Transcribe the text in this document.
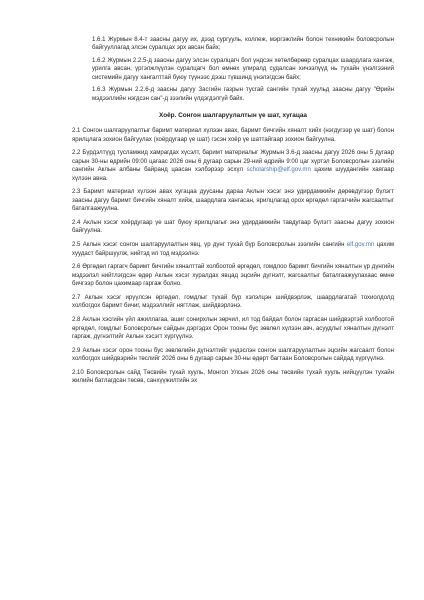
1.6.1 Журмын 8.4-т заасны дагуу их, дээд сургууль, коллеж, мэргэжлийн болон техникийн боловсролын байгууллагад элсэн суралцах эрх авсан байх;

1.6.2 Журмын 2.2.5-д заасны дагуу элсэн суралцагч бол үндсэн хөтөлбөрөөр суралцах шаардлага хангаж, урилга авсан, үргэлжлүүлэн суралцагч бол өмнөх улиралд судалсан хичээлүүд нь тухайн үнэлгээний системийн дагуу хангалттай буюу түүнээс дээш түвшинд үнэлэгдсэн байх;

1.6.3 Журмын 2.2.6-д заасны дагуу Засгийн газрын тусгай сангийн тухай хуульд заасны дагуу "Өрийн мэдээллийн нэгдсэн сан"-д зээлийн үлдэгдэлгүй байх.

Хоёр. Сонгон шалгаруулалтын үе шат, хугацаа

2.1 Сонгон шалгаруулалтыг баримт материал хүлээн авах, баримт бичгийн хяналт хийх (нэгдүгээр үе шат) болон ярилцлага зохион байгуулах (хоёрдугаар үе шат) гэсэн хоёр үе шаттайгаар зохион байгуулна.

2.2 Бүрдэлтүүд тусламжид хамрагдах хүсэлт, баримт материалыг Журмын 3.6-д заасны дагуу 2026 оны 5 дугаар сарын 30-ны өдрийн 09:00 цагаас 2026 оны 6 дугаар сарын 29-ний өдрийн 9:00 цаг хүртэл Боловсролын зээлийн сангийн Аклын албаны байранд цаасан хэлбэрээр эсхүл scholarship@elf.gov.mn цахим шуудангийн хаягаар хүлээн авна.

2.3 Баримт материал хүлээн авах хугацаа дуусаны дараа Аклын хэсэг энэ удирдамжийн дөрөвдүгээр бүлэгт заасны дагуу баримт бичгийн хяналт хийж, шаардлага хангасан, ярилцлагад орох өргөдөл гаргагчийн жагсаалтыг баталгаажуулна.

2.4 Аклын хэсэг хоёрдугаар үе шат буюу ярилцлагыг энэ удирдамжийн тавдугаар бүлэгт заасны дагуу зохион байгуулна.

2.5 Аклын хэсэг сонгон шалгаруулалтын явц, үр дүнг тухай бүр Боловсролын зээлийн сангийн elf.gov.mn цахим хуудаст байршуулж, нийтэд ил тод мэдээлнэ.

2.6 Өргөдөл гаргагч баримт бичгийн хяналттай холбоотой өргөдөл, гомдлоо баримт бичгийн хяналтын үр дүнгийн мэдээлэл нийтлэгдсэн өдөр Аклын хэсэг хуралдах явцад эцсийн дүгнэлт, жагсаалтыг баталгаажуулахаас өмнө бичгээр болон цахимаар гаргаж болно.

2.7 Аклын хэсэг ирүүлсэн өргөдөл, гомдлыг тухай бүр хэлэлцэн шийдвэрлэж, шаардлагатай тохиолдолд холбогдох баримт бичиг, мэдээллийг нягтлаж, шийдвэрлэнэ.

2.8 Аклын хэсгийн үйл ажиллагаа, ашиг сонирхлын зөрчил, ил тод байдал болон гаргасан шийдвэртэй холбоотой өргөдөл, гомдлыг Боловсролын сайдын дэргэдэх Орон тооны бус зөвлөл хүлээн авч, асуудлыг хяналтын дүгнэлт гаргаж, дүгнэлтийг Аклын хэсэгт хүргүүлнэ.

2.9 Аклын хэсэг орон тооны бус зөвлөлийн дүгнэлтийг үндэслэн сонгон шалгаруулалтын эцсийн жагсаалт болон холбогдох шийдвэрийн төслийг 2026 оны 6 дугаар сарын 30-ны өдөрт багтаан Боловсролын сайдад хүргүүлнэ.

2.10 Боловсролын сайд Төсвийн тухай хууль, Монгол Улсын 2026 оны төсвийн тухай хууль нийцүүлэн тухайн жилийн батлагдсан төсөв, санхүүжилтийн эх
